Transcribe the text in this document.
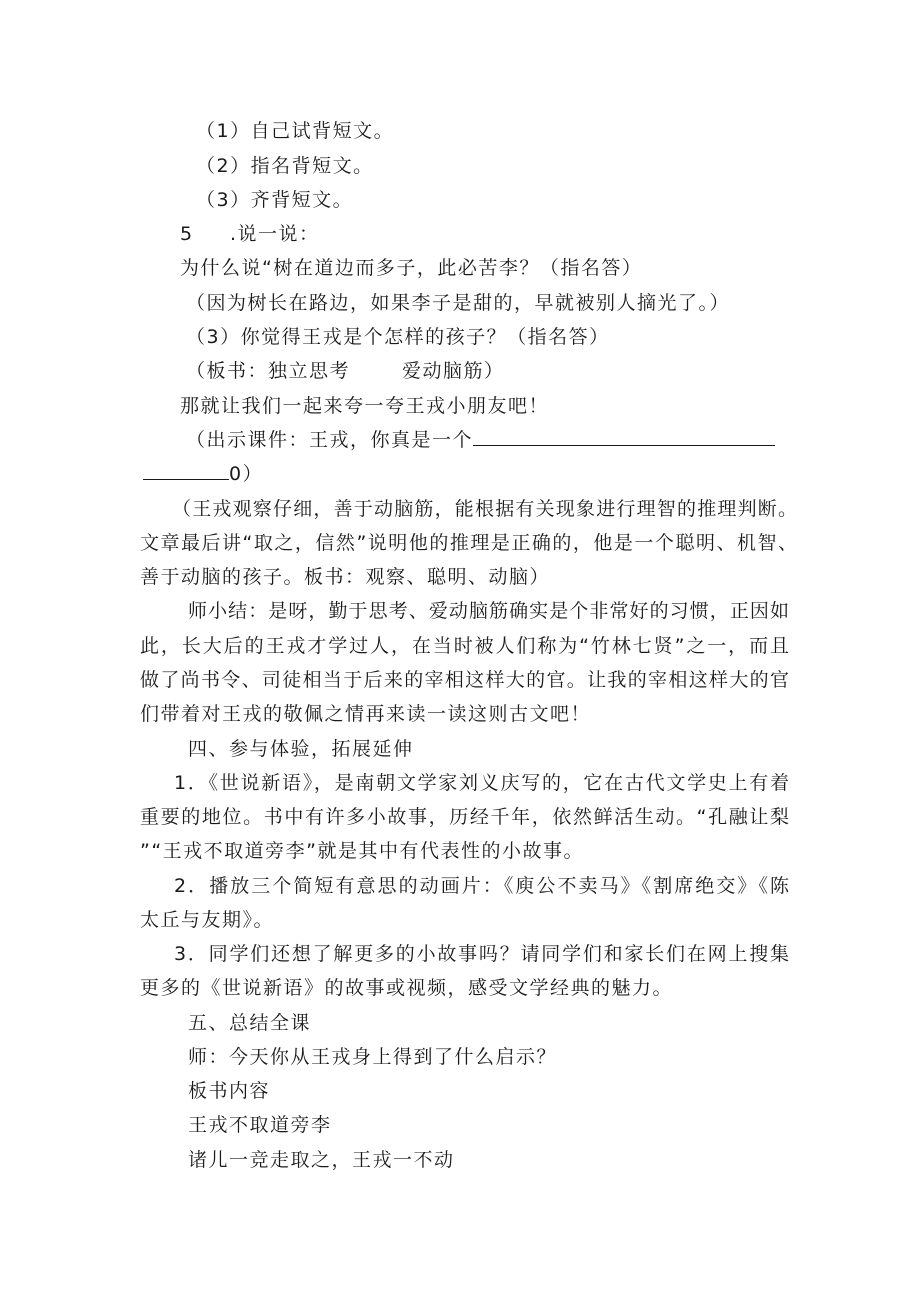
（1）自己试背短文。
（2）指名背短文。
（3）齐背短文。
5 .说一说：
为什么说“树在道边而多子，此必苦李？（指名答）
（因为树长在路边，如果李子是甜的，早就被别人摘光了。）
（3）你觉得王戎是个怎样的孩子？（指名答）
（板书：独立思考	爱动脑筋）
那就让我们一起来夸一夸王戎小朋友吧！
（出示课件：王戎，你真是一个
0）
（王戎观察仔细，善于动脑筋，能根据有关现象进行理智的推理判断。
文章最后讲“取之，信然”说明他的推理是正确的，他是一个聪明、机智、
善于动脑的孩子。板书：观察、聪明、动脑）
师小结：是呀，勤于思考、爱动脑筋确实是个非常好的习惯，正因如
此，长大后的王戎才学过人，在当时被人们称为“竹林七贤”之一，而且
做了尚书令、司徒相当于后来的宰相这样大的官。让我的宰相这样大的官
们带着对王戎的敬佩之情再来读一读这则古文吧！
四、参与体验，拓展延伸
1．《世说新语》，是南朝文学家刘义庆写的，它在古代文学史上有着
重要的地位。书中有许多小故事，历经千年，依然鲜活生动。“孔融让梨
”“王戎不取道旁李”就是其中有代表性的小故事。
2．播放三个简短有意思的动画片：《庾公不卖马》《割席绝交》《陈
太丘与友期》。
3．同学们还想了解更多的小故事吗？请同学们和家长们在网上搜集
更多的《世说新语》的故事或视频，感受文学经典的魅力。
五、总结全课
师：今天你从王戎身上得到了什么启示？
板书内容
王戎不取道旁李
诸儿一竞走取之，王戎一不动
